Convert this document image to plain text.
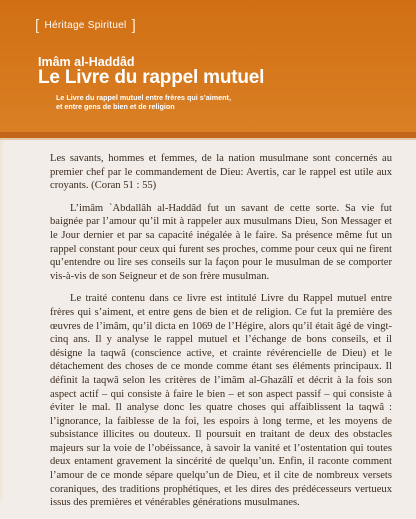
[ Héritage Spirituel ]
Imâm al-Haddâd
Le Livre du rappel mutuel
Le Livre du rappel mutuel entre frères qui s’aiment,
et entre gens de bien et de religion

Les savants, hommes et femmes, de la nation musulmane sont concernés au premier chef par le commandement de Dieu: Avertis, car le rappel est utile aux croyants. (Coran 51 : 55)

L’imâm `Abdallâh al-Haddâd fut un savant de cette sorte. Sa vie fut baignée par l’amour qu’il mit à rappeler aux musulmans Dieu, Son Messager et le Jour dernier et par sa capacité inégalée à le faire. Sa présence même fut un rappel constant pour ceux qui furent ses proches, comme pour ceux qui ne firent qu’entendre ou lire ses conseils sur la façon pour le musulman de se comporter vis-à-vis de son Seigneur et de son frère musulman.

Le traité contenu dans ce livre est intitulé Livre du Rappel mutuel entre frères qui s’aiment, et entre gens de bien et de religion. Ce fut la première des œuvres de l’imâm, qu’il dicta en 1069 de l’Hégire, alors qu’il était âgé de vingt-cinq ans. Il y analyse le rappel mutuel et l’échange de bons conseils, et il désigne la taqwâ (conscience active, et crainte révérencielle de Dieu) et le détachement des choses de ce monde comme étant ses éléments principaux. Il définit la taqwâ selon les critères de l’imâm al-Ghazâlî et décrit à la fois son aspect actif – qui consiste à faire le bien – et son aspect passif – qui consiste à éviter le mal. Il analyse donc les quatre choses qui affaiblissent la taqwâ : l’ignorance, la faiblesse de la foi, les espoirs à long terme, et les moyens de subsistance illicites ou douteux. Il poursuit en traitant de deux des obstacles majeurs sur la voie de l’obéissance, à savoir la vanité et l’ostentation qui toutes deux entament gravement la sincérité de quelqu’un. Enfin, il raconte comment l’amour de ce monde sépare quelqu’un de Dieu, et il cite de nombreux versets coraniques, des traditions prophétiques, et les dires des prédécesseurs vertueux issus des premières et vénérables générations musulmanes.
